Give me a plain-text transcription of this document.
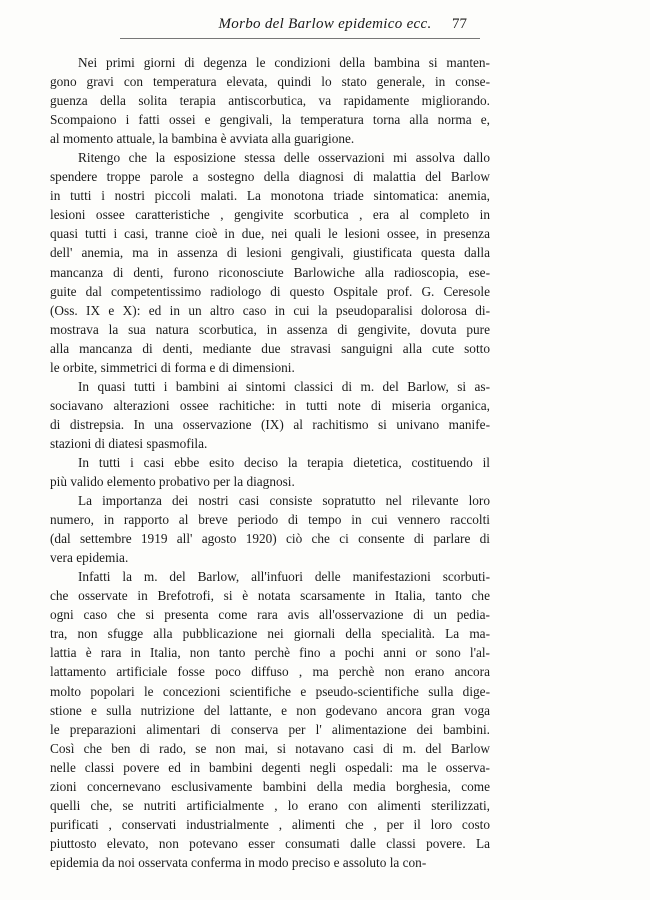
Morbo del Barlow epidemico ecc.	77
Nei primi giorni di degenza le condizioni della bambina si manten-
gono gravi con temperatura elevata, quindi lo stato generale, in conse-
guenza della solita terapia antiscorbutica, va rapidamente migliorando.
Scompaiono i fatti ossei e gengivali, la temperatura torna alla norma e,
al momento attuale, la bambina è avviata alla guarigione.
Ritengo che la esposizione stessa delle osservazioni mi assolva dallo
spendere troppe parole a sostegno della diagnosi di malattia del Barlow
in tutti i nostri piccoli malati. La monotona triade sintomatica: anemia,
lesioni ossee caratteristiche , gengivite scorbutica , era al completo in
quasi tutti i casi, tranne cioè in due, nei quali le lesioni ossee, in presenza
dell' anemia, ma in assenza di lesioni gengivali, giustificata questa dalla
mancanza di denti, furono riconosciute Barlowiche alla radioscopia, ese-
guite dal competentissimo radiologo di questo Ospitale prof. G. Ceresole
(Oss. IX e X): ed in un altro caso in cui la pseudoparalisi dolorosa di-
mostrava la sua natura scorbutica, in assenza di gengivite, dovuta pure
alla mancanza di denti, mediante due stravasi sanguigni alla cute sotto
le orbite, simmetrici di forma e di dimensioni.
In quasi tutti i bambini ai sintomi classici di m. del Barlow, si as-
sociavano alterazioni ossee rachitiche: in tutti note di miseria organica,
di distrepsia. In una osservazione (IX) al rachitismo si univano manife-
stazioni di diatesi spasmofila.
In tutti i casi ebbe esito deciso la terapia dietetica, costituendo il
più valido elemento probativo per la diagnosi.
La importanza dei nostri casi consiste sopratutto nel rilevante loro
numero, in rapporto al breve periodo di tempo in cui vennero raccolti
(dal settembre 1919 all' agosto 1920) ciò che ci consente di parlare di
vera epidemia.
Infatti la m. del Barlow, all'infuori delle manifestazioni scorbuti-
che osservate in Brefotrofi, si è notata scarsamente in Italia, tanto che
ogni caso che si presenta come rara avis all'osservazione di un pedia-
tra, non sfugge alla pubblicazione nei giornali della specialità. La ma-
lattia è rara in Italia, non tanto perchè fino a pochi anni or sono l'al-
lattamento artificiale fosse poco diffuso , ma perchè non erano ancora
molto popolari le concezioni scientifiche e pseudo-scientifiche sulla dige-
stione e sulla nutrizione del lattante, e non godevano ancora gran voga
le preparazioni alimentari di conserva per l' alimentazione dei bambini.
Così che ben di rado, se non mai, si notavano casi di m. del Barlow
nelle classi povere ed in bambini degenti negli ospedali: ma le osserva-
zioni concernevano esclusivamente bambini della media borghesia, come
quelli che, se nutriti artificialmente , lo erano con alimenti sterilizzati,
purificati , conservati industrialmente , alimenti che , per il loro costo
piuttosto elevato, non potevano esser consumati dalle classi povere. La
epidemia da noi osservata conferma in modo preciso e assoluto la con-
